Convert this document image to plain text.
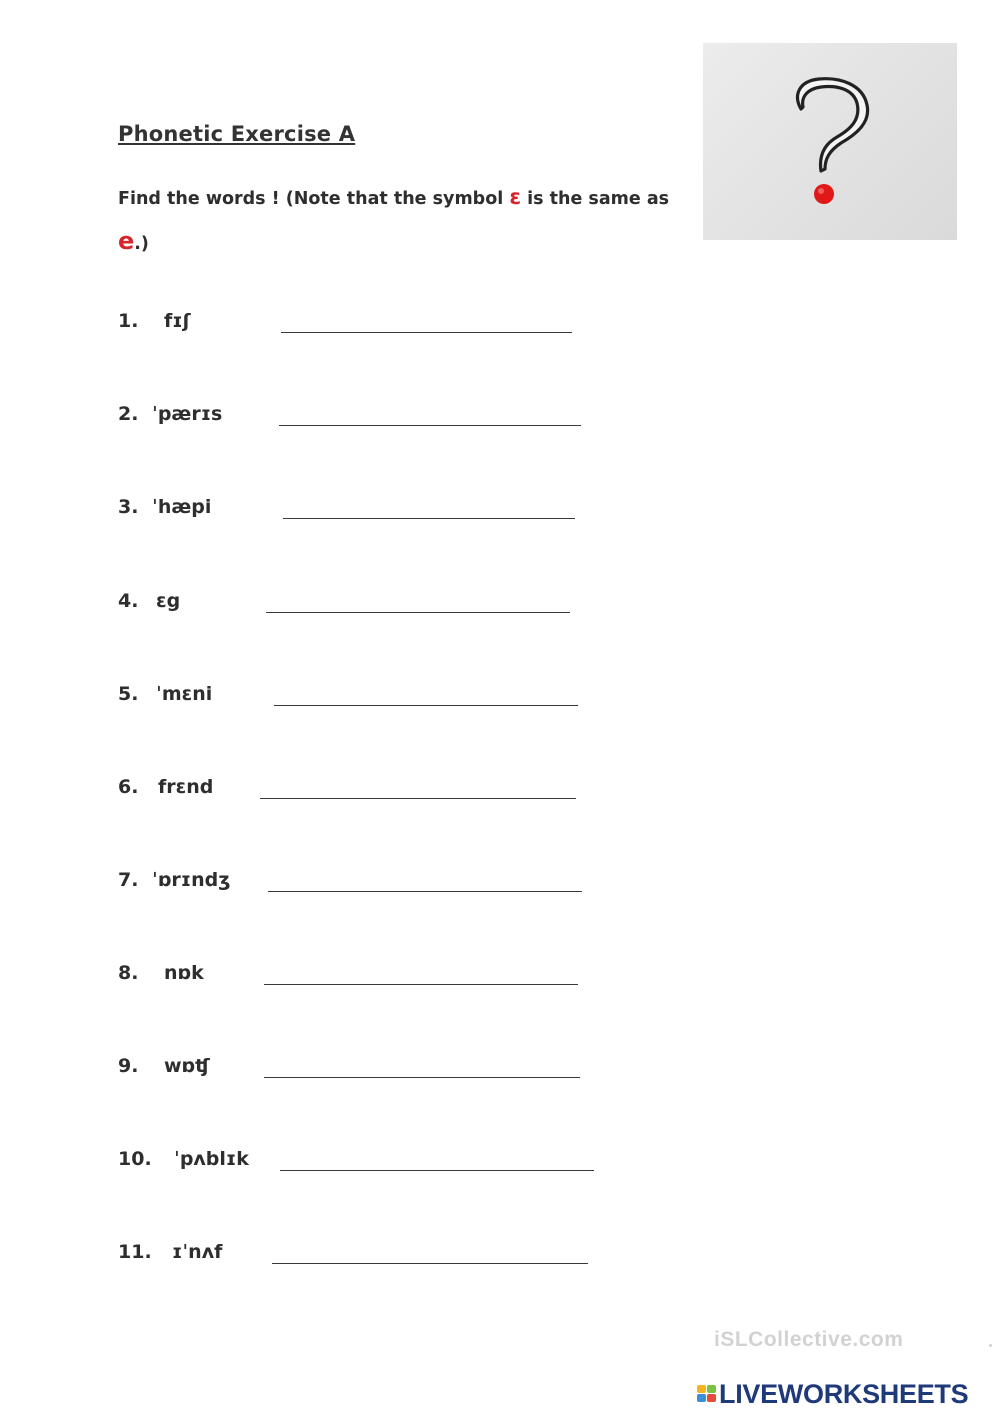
Phonetic Exercise A
Find the words ! (Note that the symbol ɛ is the same as
e.)
1. fɪʃ
2. ˈpærɪs
3. ˈhæpi
4. ɛg
5. ˈmɛni
6. frɛnd
7. ˈɒrɪndʒ
8. nɒk
9. wɒʧ
10. ˈpʌblɪk
11. ɪˈnʌf
iSLCollective.com
LIVEWORKSHEETS
